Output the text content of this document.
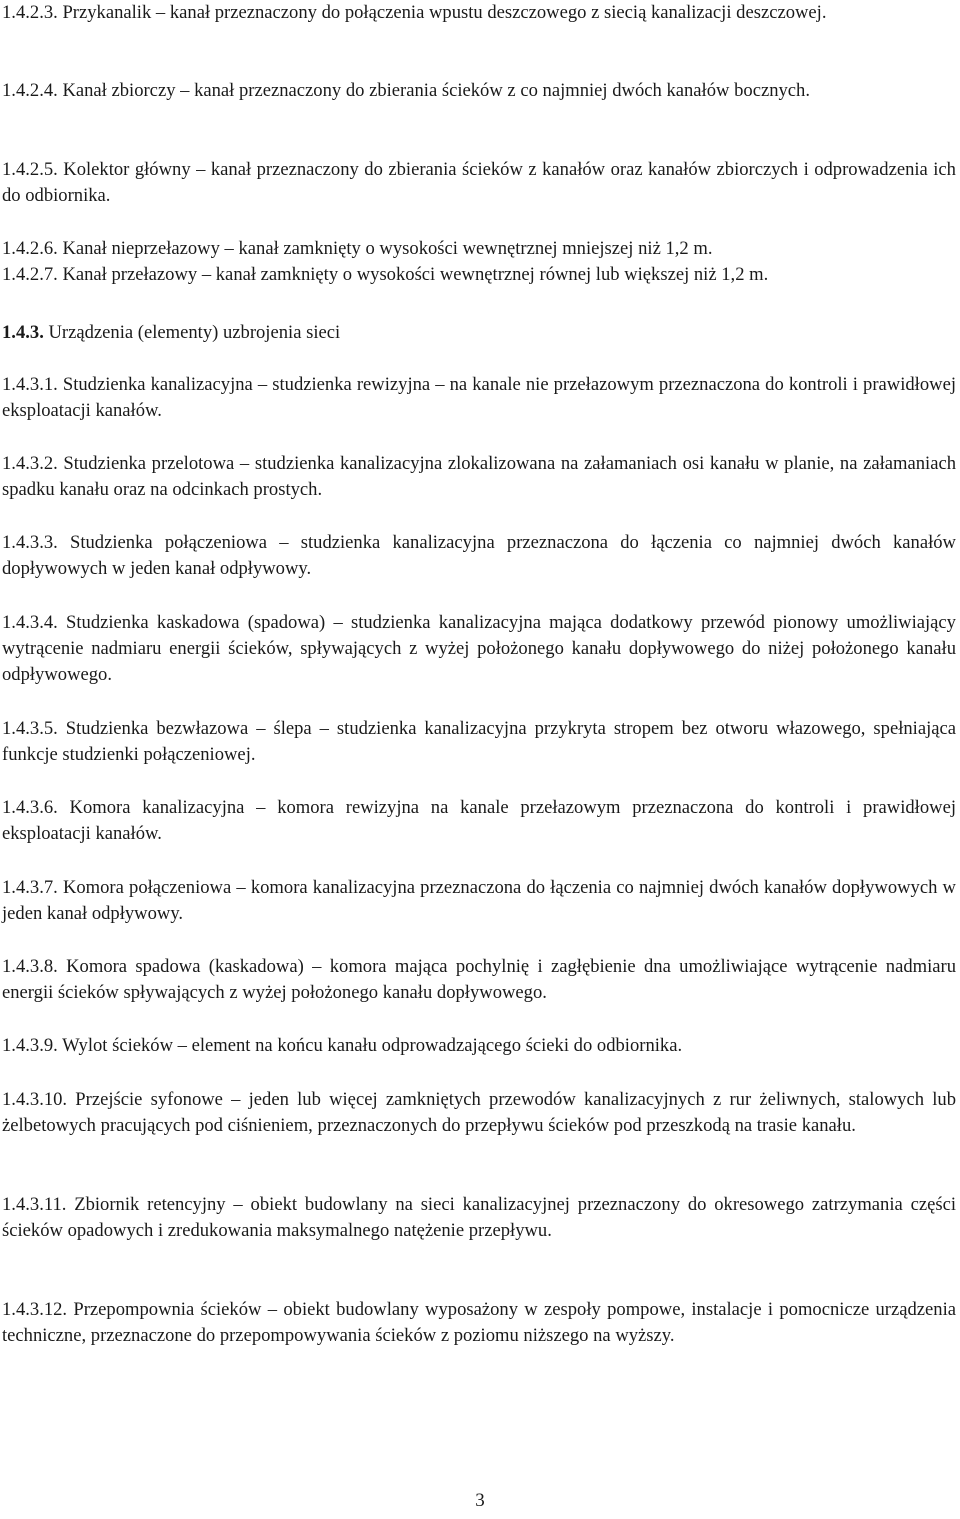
1.4.2.3. Przykanalik – kanał przeznaczony do połączenia wpustu deszczowego z siecią kanalizacji deszczowej.

1.4.2.4. Kanał zbiorczy – kanał przeznaczony do zbierania ścieków z co najmniej dwóch kanałów bocznych.

1.4.2.5. Kolektor główny – kanał przeznaczony do zbierania ścieków z kanałów oraz kanałów zbiorczych i odprowadzenia ich do odbiornika.

1.4.2.6. Kanał nieprzełazowy – kanał zamknięty o wysokości wewnętrznej mniejszej niż 1,2 m.

1.4.2.7. Kanał przełazowy – kanał zamknięty o wysokości wewnętrznej równej lub większej niż 1,2 m.

1.4.3. Urządzenia (elementy) uzbrojenia sieci

1.4.3.1. Studzienka kanalizacyjna – studzienka rewizyjna – na kanale nie przełazowym przeznaczona do kontroli i prawidłowej eksploatacji kanałów.

1.4.3.2. Studzienka przelotowa – studzienka kanalizacyjna zlokalizowana na załamaniach osi kanału w planie, na załamaniach spadku kanału oraz na odcinkach prostych.

1.4.3.3. Studzienka połączeniowa – studzienka kanalizacyjna przeznaczona do łączenia co najmniej dwóch kanałów dopływowych w jeden kanał odpływowy.

1.4.3.4. Studzienka kaskadowa (spadowa) – studzienka kanalizacyjna mająca dodatkowy przewód pionowy umożliwiający wytrącenie nadmiaru energii ścieków, spływających z wyżej położonego kanału dopływowego do niżej położonego kanału odpływowego.

1.4.3.5. Studzienka bezwłazowa – ślepa – studzienka kanalizacyjna przykryta stropem bez otworu włazowego, spełniająca funkcje studzienki połączeniowej.

1.4.3.6. Komora kanalizacyjna – komora rewizyjna na kanale przełazowym przeznaczona do kontroli i prawidłowej eksploatacji kanałów.

1.4.3.7. Komora połączeniowa – komora kanalizacyjna przeznaczona do łączenia co najmniej dwóch kanałów dopływowych w jeden kanał odpływowy.

1.4.3.8. Komora spadowa (kaskadowa) – komora mająca pochylnię i zagłębienie dna umożliwiające wytrącenie nadmiaru energii ścieków spływających z wyżej położonego kanału dopływowego.

1.4.3.9. Wylot ścieków – element na końcu kanału odprowadzającego ścieki do odbiornika.

1.4.3.10. Przejście syfonowe – jeden lub więcej zamkniętych przewodów kanalizacyjnych z rur żeliwnych, stalowych lub żelbetowych pracujących pod ciśnieniem, przeznaczonych do przepływu ścieków pod przeszkodą na trasie kanału.

1.4.3.11. Zbiornik retencyjny – obiekt budowlany na sieci kanalizacyjnej przeznaczony do okresowego zatrzymania części ścieków opadowych i zredukowania maksymalnego natężenie przepływu.

1.4.3.12. Przepompownia ścieków – obiekt budowlany wyposażony w zespoły pompowe, instalacje i pomocnicze urządzenia techniczne, przeznaczone do przepompowywania ścieków z poziomu niższego na wyższy.

3
